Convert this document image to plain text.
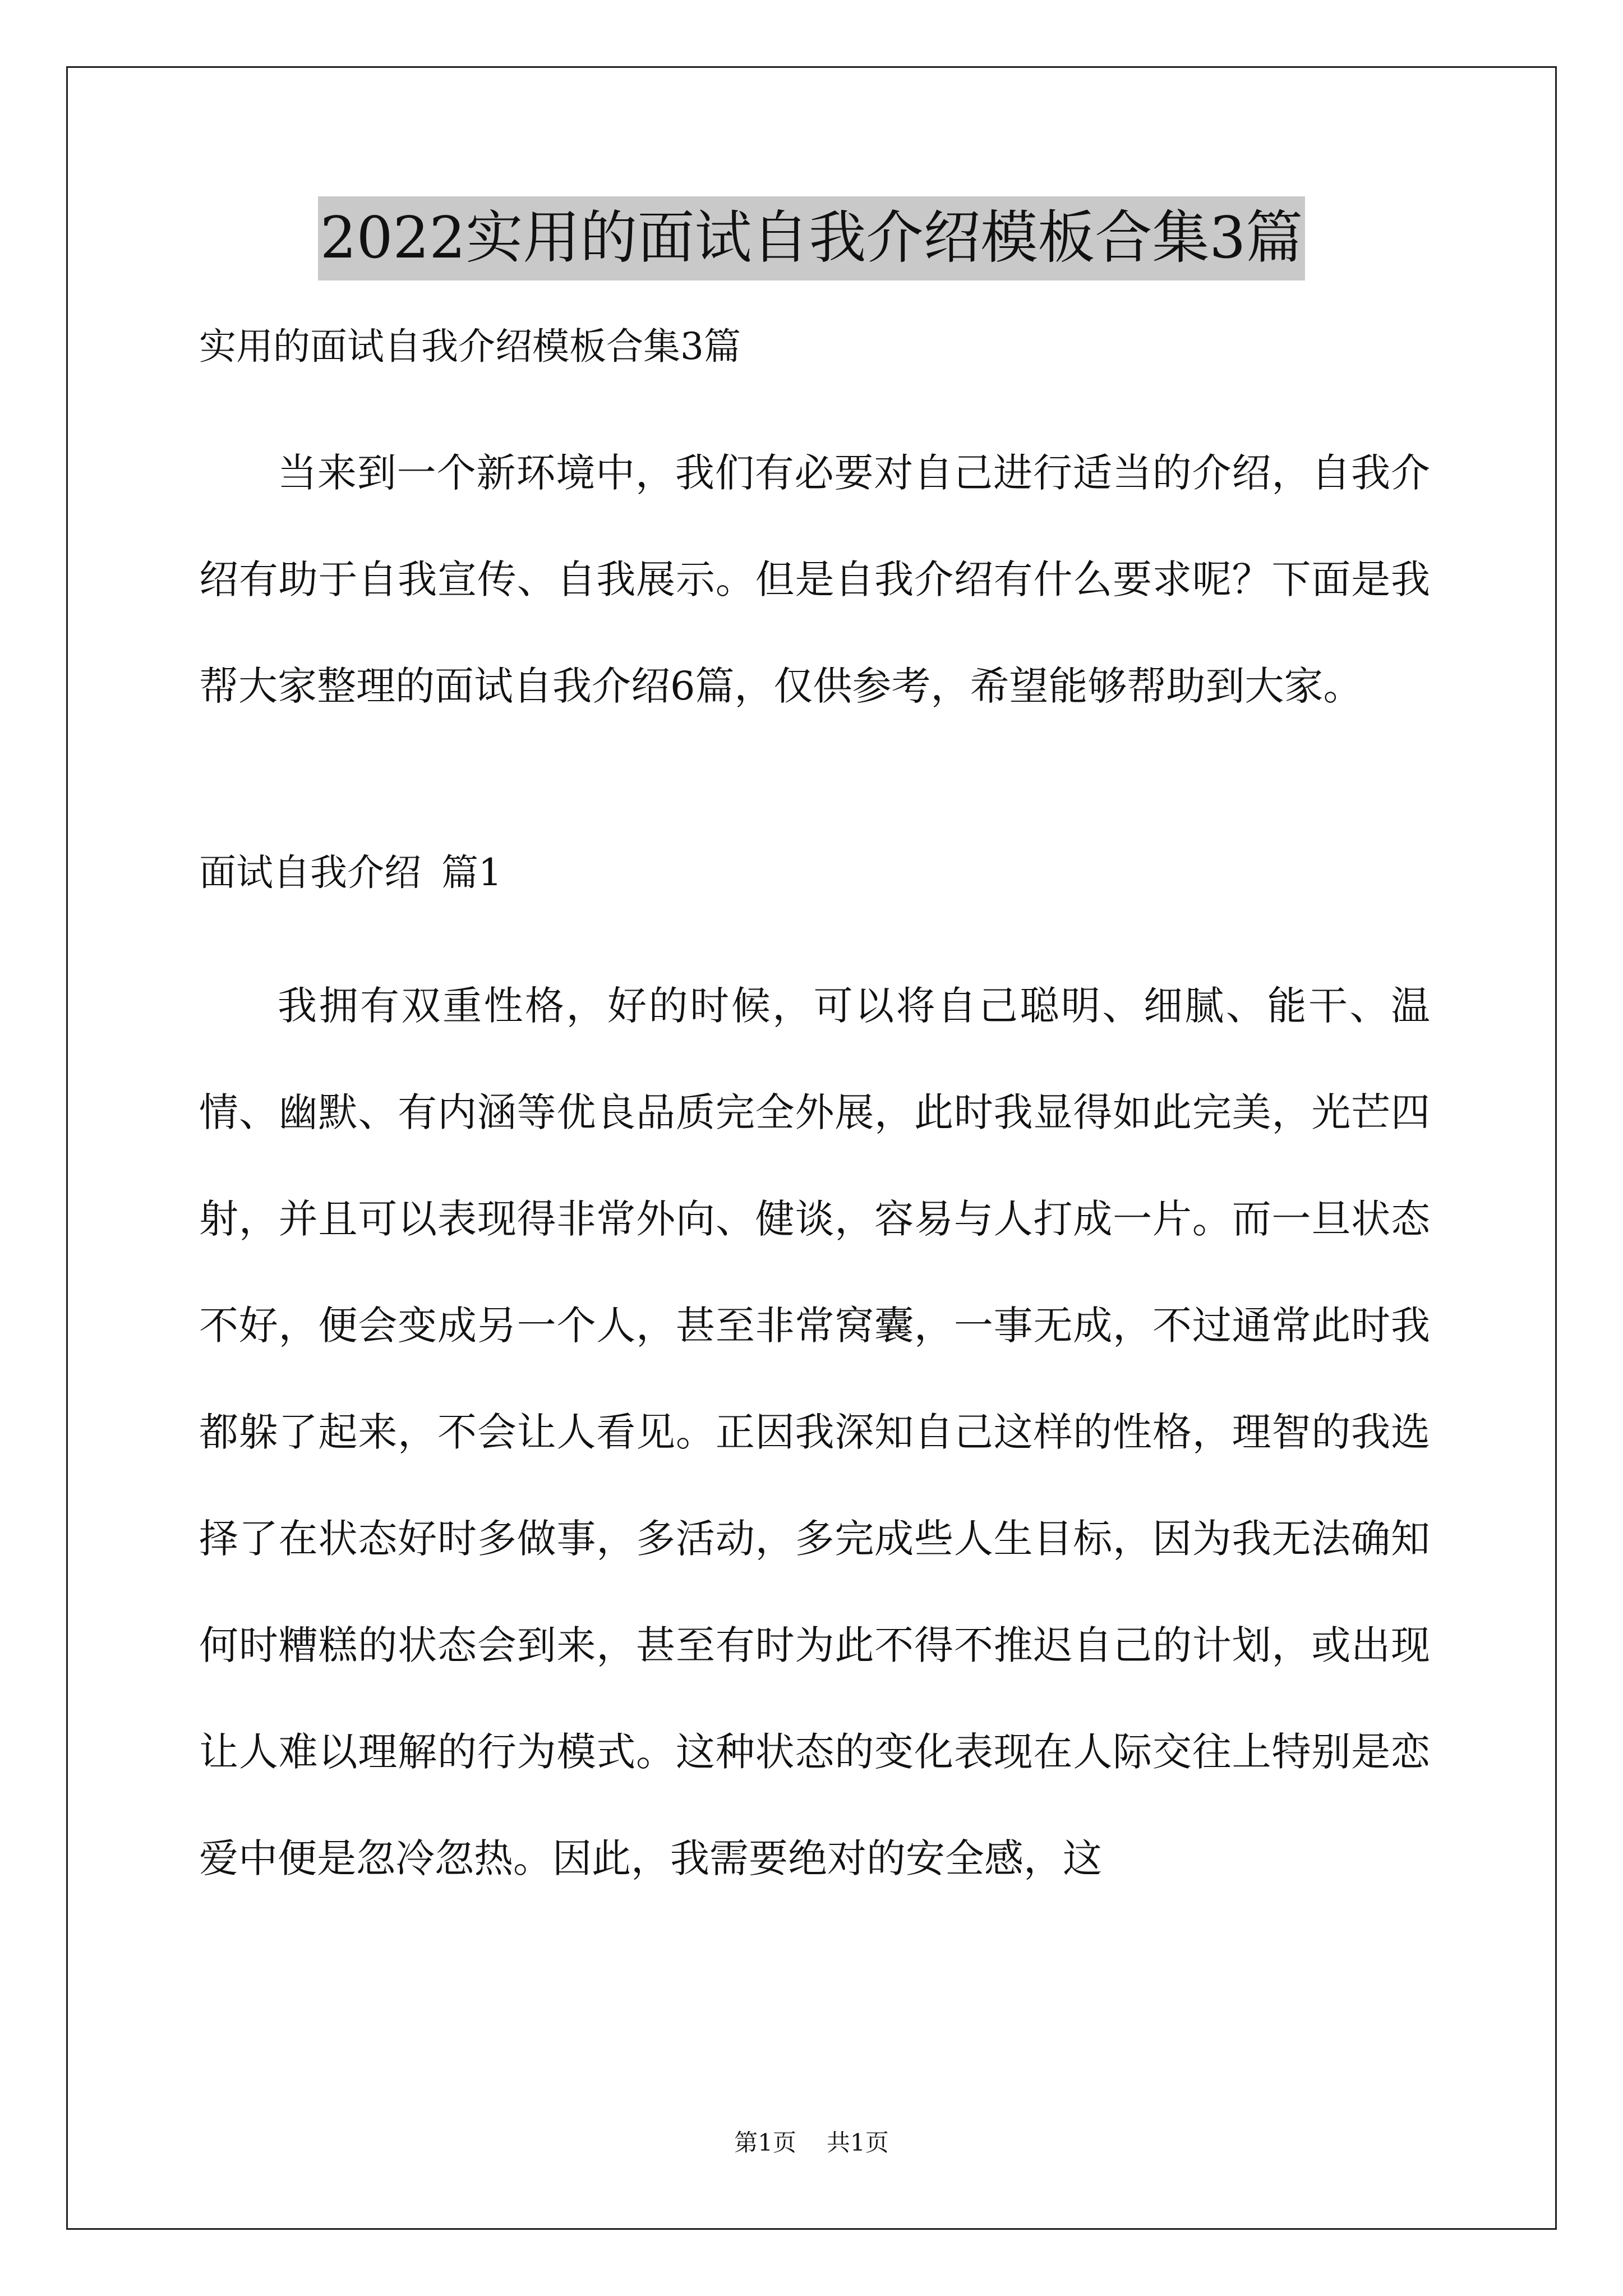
2022实用的面试自我介绍模板合集3篇
实用的面试自我介绍模板合集3篇

当来到一个新环境中，我们有必要对自己进行适当的介绍，自我介绍有助于自我宣传、自我展示。但是自我介绍有什么要求呢？下面是我帮大家整理的面试自我介绍6篇，仅供参考，希望能够帮助到大家。

面试自我介绍 篇1

我拥有双重性格，好的时候，可以将自己聪明、细腻、能干、温情、幽默、有内涵等优良品质完全外展，此时我显得如此完美，光芒四射，并且可以表现得非常外向、健谈，容易与人打成一片。而一旦状态不好，便会变成另一个人，甚至非常窝囊，一事无成，不过通常此时我都躲了起来，不会让人看见。正因我深知自己这样的性格，理智的我选择了在状态好时多做事，多活动，多完成些人生目标，因为我无法确知何时糟糕的状态会到来，甚至有时为此不得不推迟自己的计划，或出现让人难以理解的行为模式。这种状态的变化表现在人际交往上特别是恋爱中便是忽冷忽热。因此，我需要绝对的安全感，这

第1页 共1页
